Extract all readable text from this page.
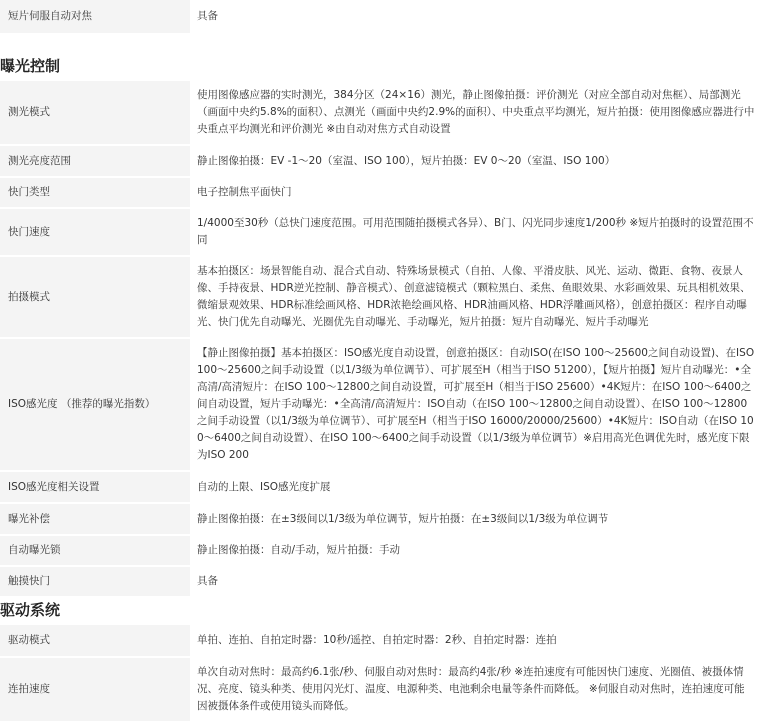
短片伺服自动对焦	具备
曝光控制
测光模式	使用图像感应器的实时测光，384分区（24×16）测光，静止图像拍摄：评价测光（对应全部自动对焦框）、局部测光（画面中央约5.8%的面积）、点测光（画面中央约2.9%的面积）、中央重点平均测光，短片拍摄：使用图像感应器进行中央重点平均测光和评价测光 ※由自动对焦方式自动设置
测光亮度范围	静止图像拍摄：EV -1～20（室温、ISO 100），短片拍摄：EV 0～20（室温、ISO 100）
快门类型	电子控制焦平面快门
快门速度	1/4000至30秒（总快门速度范围。可用范围随拍摄模式各异）、B门、闪光同步速度1/200秒 ※短片拍摄时的设置范围不同
拍摄模式	基本拍摄区：场景智能自动、混合式自动、特殊场景模式（自拍、人像、平滑皮肤、风光、运动、微距、食物、夜景人像、手持夜景、HDR逆光控制、静音模式）、创意滤镜模式（颗粒黑白、柔焦、鱼眼效果、水彩画效果、玩具相机效果、微缩景观效果、HDR标准绘画风格、HDR浓艳绘画风格、HDR油画风格、HDR浮雕画风格），创意拍摄区：程序自动曝光、快门优先自动曝光、光圈优先自动曝光、手动曝光，短片拍摄：短片自动曝光、短片手动曝光
ISO感光度 （推荐的曝光指数）	【静止图像拍摄】基本拍摄区：ISO感光度自动设置，创意拍摄区：自动ISO(在ISO 100～25600之间自动设置)、在ISO 100～25600之间手动设置（以1/3级为单位调节）、可扩展至H（相当于ISO 51200），【短片拍摄】短片自动曝光：•全高清/高清短片：在ISO 100～12800之间自动设置，可扩展至H（相当于ISO 25600）•4K短片：在ISO 100～6400之间自动设置，短片手动曝光：•全高清/高清短片：ISO自动（在ISO 100～12800之间自动设置）、在ISO 100～12800之间手动设置（以1/3级为单位调节）、可扩展至H（相当于ISO 16000/20000/25600）•4K短片：ISO自动（在ISO 100～6400之间自动设置）、在ISO 100～6400之间手动设置（以1/3级为单位调节）※启用高光色调优先时，感光度下限为ISO 200
ISO感光度相关设置	自动的上限、ISO感光度扩展
曝光补偿	静止图像拍摄：在±3级间以1/3级为单位调节，短片拍摄：在±3级间以1/3级为单位调节
自动曝光锁	静止图像拍摄：自动/手动，短片拍摄：手动
触摸快门	具备
驱动系统
驱动模式	单拍、连拍、自拍定时器：10秒/遥控、自拍定时器：2秒、自拍定时器：连拍
连拍速度	单次自动对焦时：最高约6.1张/秒、伺服自动对焦时：最高约4张/秒 ※连拍速度有可能因快门速度、光圈值、被摄体情况、亮度、镜头种类、使用闪光灯、温度、电源种类、电池剩余电量等条件而降低。 ※伺服自动对焦时，连拍速度可能因被摄体条件或使用镜头而降低。
